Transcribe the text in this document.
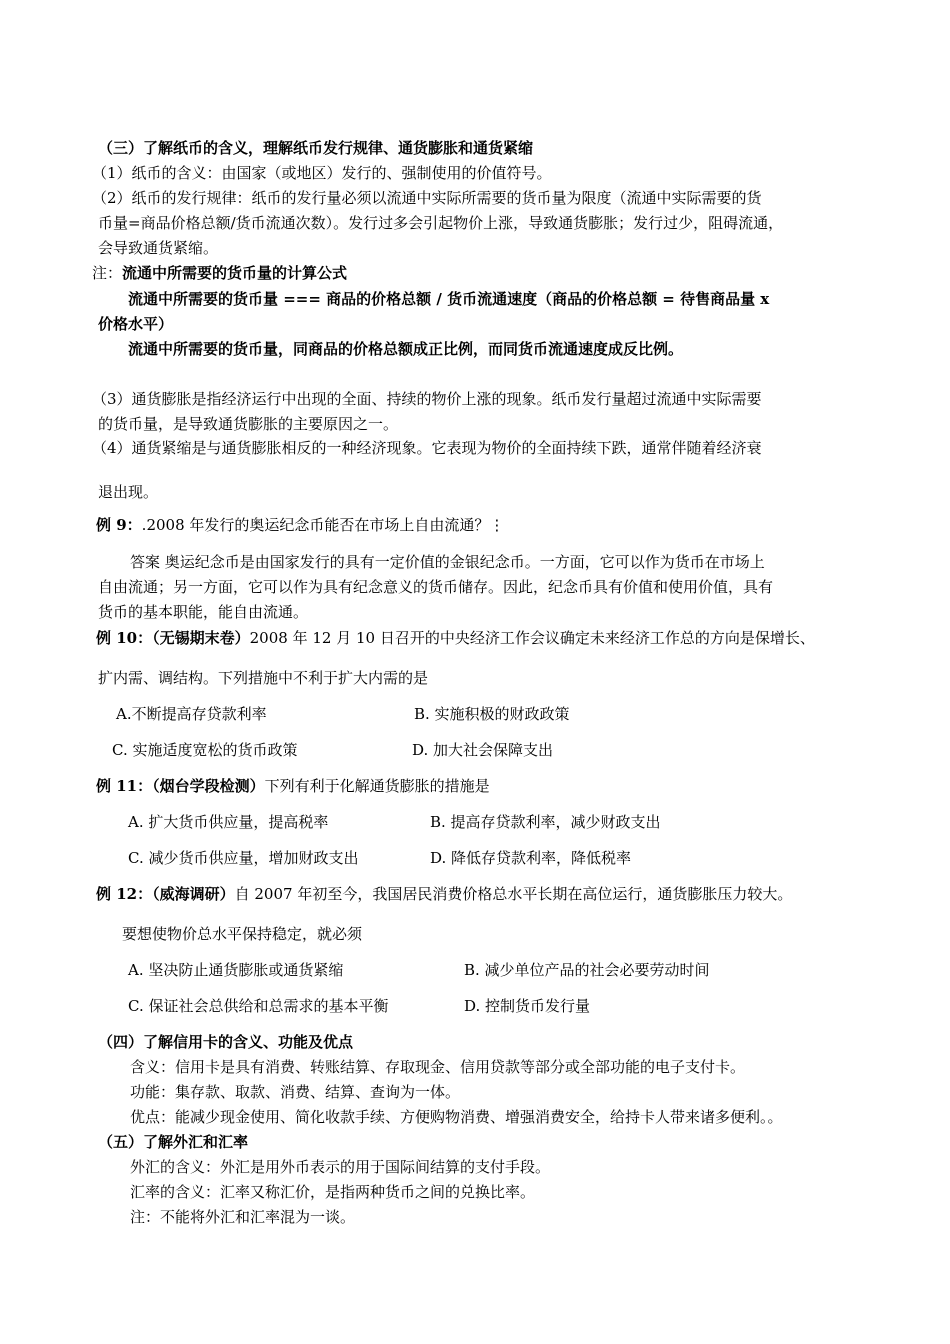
（三）了解纸币的含义，理解纸币发行规律、通货膨胀和通货紧缩
（1）纸币的含义：由国家（或地区）发行的、强制使用的价值符号。
（2）纸币的发行规律：纸币的发行量必须以流通中实际所需要的货币量为限度（流通中实际需要的货
币量=商品价格总额/货币流通次数）。发行过多会引起物价上涨，导致通货膨胀；发行过少，阻碍流通，
会导致通货紧缩。
注：流通中所需要的货币量的计算公式
流通中所需要的货币量 === 商品的价格总额 / 货币流通速度（商品的价格总额 = 待售商品量 x
价格水平）
流通中所需要的货币量，同商品的价格总额成正比例，而同货币流通速度成反比例。
（3）通货膨胀是指经济运行中出现的全面、持续的物价上涨的现象。纸币发行量超过流通中实际需要
的货币量，是导致通货膨胀的主要原因之一。
（4）通货紧缩是与通货膨胀相反的一种经济现象。它表现为物价的全面持续下跌，通常伴随着经济衰
退出现。
例 9：.2008 年发行的奥运纪念币能否在市场上自由流通？⋮
答案 奥运纪念币是由国家发行的具有一定价值的金银纪念币。一方面，它可以作为货币在市场上
自由流通；另一方面，它可以作为具有纪念意义的货币储存。因此，纪念币具有价值和使用价值，具有
货币的基本职能，能自由流通。
例 10：（无锡期末卷）2008 年 12 月 10 日召开的中央经济工作会议确定未来经济工作总的方向是保增长、
扩内需、调结构。下列措施中不利于扩大内需的是
A.不断提高存贷款利率	B. 实施积极的财政政策
C. 实施适度宽松的货币政策	D. 加大社会保障支出
例 11：（烟台学段检测）下列有利于化解通货膨胀的措施是
A. 扩大货币供应量，提高税率	B. 提高存贷款利率，减少财政支出
C. 减少货币供应量，增加财政支出	D. 降低存贷款利率，降低税率
例 12：（威海调研）自 2007 年初至今，我国居民消费价格总水平长期在高位运行，通货膨胀压力较大。
要想使物价总水平保持稳定，就必须
A. 坚决防止通货膨胀或通货紧缩	B. 减少单位产品的社会必要劳动时间
C. 保证社会总供给和总需求的基本平衡	D. 控制货币发行量
（四）了解信用卡的含义、功能及优点
含义：信用卡是具有消费、转账结算、存取现金、信用贷款等部分或全部功能的电子支付卡。
功能：集存款、取款、消费、结算、查询为一体。
优点：能减少现金使用、简化收款手续、方便购物消费、增强消费安全，给持卡人带来诸多便利。。
（五）了解外汇和汇率
外汇的含义：外汇是用外币表示的用于国际间结算的支付手段。
汇率的含义：汇率又称汇价，是指两种货币之间的兑换比率。
注：不能将外汇和汇率混为一谈。
